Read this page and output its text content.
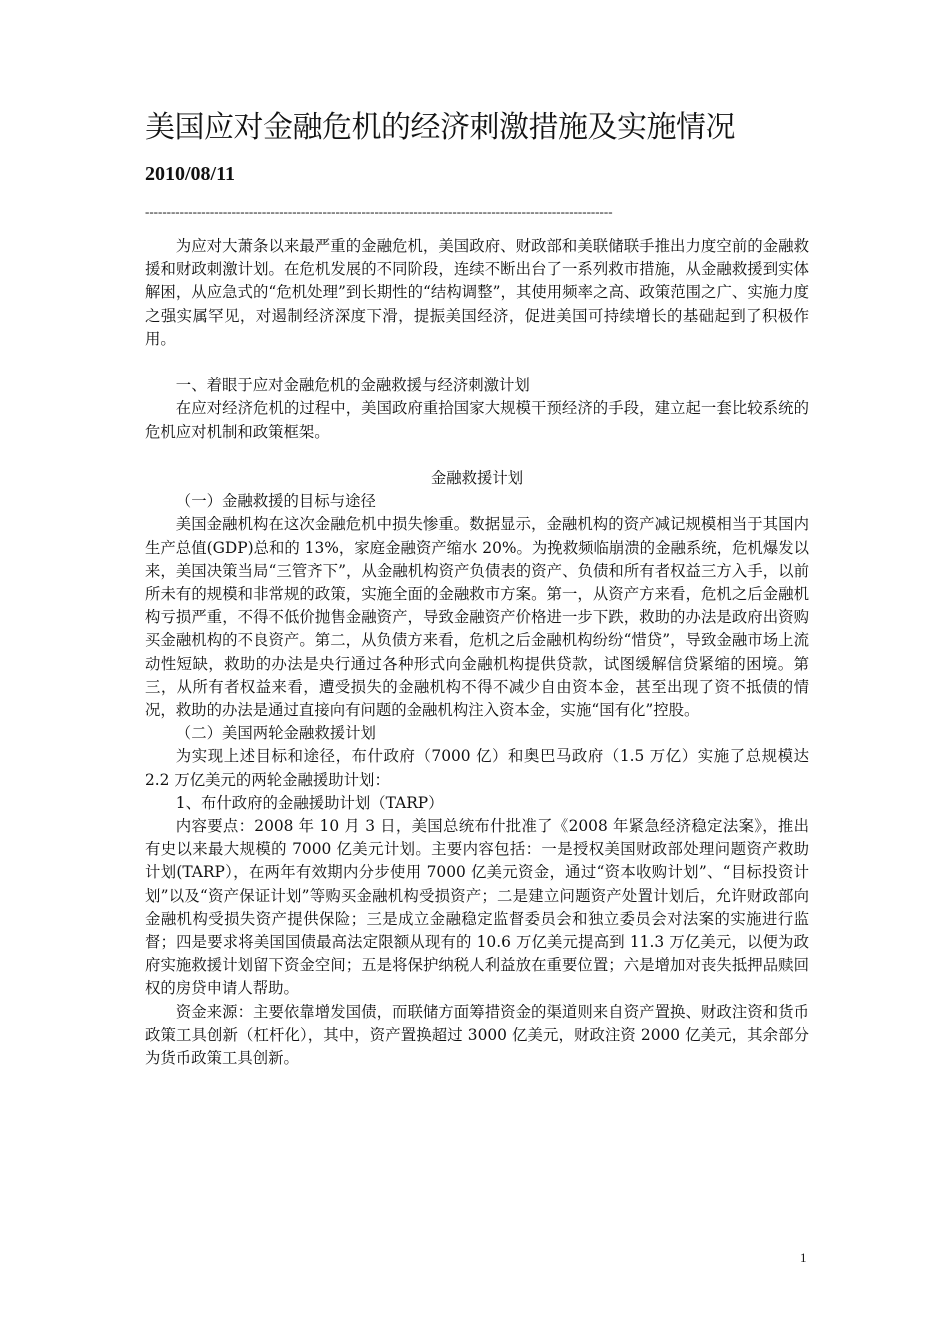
美国应对金融危机的经济刺激措施及实施情况
2010/08/11
------------------------------------------------------------------------------------------------------------

为应对大萧条以来最严重的金融危机，美国政府、财政部和美联储联手推出力度空前的金融救援和财政刺激计划。在危机发展的不同阶段，连续不断出台了一系列救市措施，从金融救援到实体解困，从应急式的“危机处理”到长期性的“结构调整”，其使用频率之高、政策范围之广、实施力度之强实属罕见，对遏制经济深度下滑，提振美国经济，促进美国可持续增长的基础起到了积极作用。

一、着眼于应对金融危机的金融救援与经济刺激计划

在应对经济危机的过程中，美国政府重拾国家大规模干预经济的手段，建立起一套比较系统的危机应对机制和政策框架。

金融救援计划

（一）金融救援的目标与途径

美国金融机构在这次金融危机中损失惨重。数据显示，金融机构的资产减记规模相当于其国内生产总值(GDP)总和的 13%，家庭金融资产缩水 20%。为挽救频临崩溃的金融系统，危机爆发以来，美国决策当局“三管齐下”，从金融机构资产负债表的资产、负债和所有者权益三方入手，以前所未有的规模和非常规的政策，实施全面的金融救市方案。第一，从资产方来看，危机之后金融机构亏损严重，不得不低价抛售金融资产，导致金融资产价格进一步下跌，救助的办法是政府出资购买金融机构的不良资产。第二，从负债方来看，危机之后金融机构纷纷“惜贷”，导致金融市场上流动性短缺，救助的办法是央行通过各种形式向金融机构提供贷款，试图缓解信贷紧缩的困境。第三，从所有者权益来看，遭受损失的金融机构不得不减少自由资本金，甚至出现了资不抵债的情况，救助的办法是通过直接向有问题的金融机构注入资本金，实施“国有化”控股。

（二）美国两轮金融救援计划

为实现上述目标和途径，布什政府（7000 亿）和奥巴马政府（1.5 万亿）实施了总规模达 2.2 万亿美元的两轮金融援助计划：

1、布什政府的金融援助计划（TARP）

内容要点：2008 年 10 月 3 日，美国总统布什批准了《2008 年紧急经济稳定法案》，推出有史以来最大规模的 7000 亿美元计划。主要内容包括：一是授权美国财政部处理问题资产救助计划(TARP），在两年有效期内分步使用 7000 亿美元资金，通过“资本收购计划”、“目标投资计划”以及“资产保证计划”等购买金融机构受损资产；二是建立问题资产处置计划后，允许财政部向金融机构受损失资产提供保险；三是成立金融稳定监督委员会和独立委员会对法案的实施进行监督；四是要求将美国国债最高法定限额从现有的 10.6 万亿美元提高到 11.3 万亿美元，以便为政府实施救援计划留下资金空间；五是将保护纳税人利益放在重要位置；六是增加对丧失抵押品赎回权的房贷申请人帮助。

资金来源：主要依靠增发国债，而联储方面筹措资金的渠道则来自资产置换、财政注资和货币政策工具创新（杠杆化），其中，资产置换超过 3000 亿美元，财政注资 2000 亿美元，其余部分为货币政策工具创新。

1
